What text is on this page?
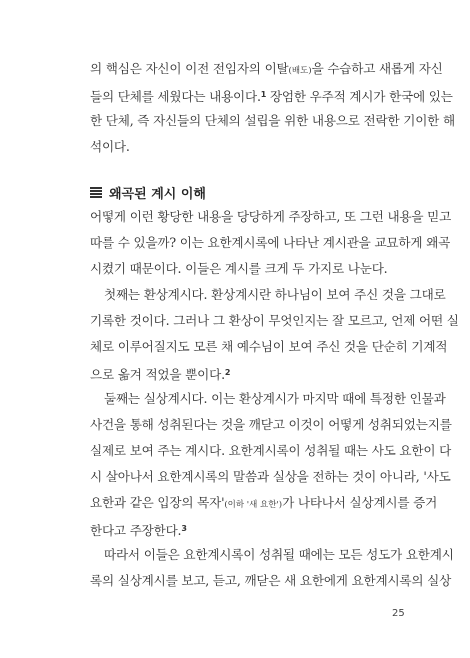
의 핵심은 자신이 이전 전임자의 이탈(배도)을 수습하고 새롭게 자신
들의 단체를 세웠다는 내용이다.$^1$ 장엄한 우주적 계시가 한국에 있는
한 단체, 즉 자신들의 단체의 설립을 위한 내용으로 전락한 기이한 해
석이다.

왜곡된 계시 이해

어떻게 이런 황당한 내용을 당당하게 주장하고, 또 그런 내용을 믿고
따를 수 있을까? 이는 요한계시록에 나타난 계시관을 교묘하게 왜곡
시켰기 때문이다. 이들은 계시를 크게 두 가지로 나눈다.

첫째는 환상계시다. 환상계시란 하나님이 보여 주신 것을 그대로
기록한 것이다. 그러나 그 환상이 무엇인지는 잘 모르고, 언제 어떤 실
체로 이루어질지도 모른 채 예수님이 보여 주신 것을 단순히 기계적
으로 옮겨 적었을 뿐이다.$^2$

둘째는 실상계시다. 이는 환상계시가 마지막 때에 특정한 인물과
사건을 통해 성취된다는 것을 깨닫고 이것이 어떻게 성취되었는지를
실제로 보여 주는 계시다. 요한계시록이 성취될 때는 사도 요한이 다
시 살아나서 요한계시록의 말씀과 실상을 전하는 것이 아니라, '사도
요한과 같은 입장의 목자'(이하 '새 요한')가 나타나서 실상계시를 증거
한다고 주장한다.$^3$

따라서 이들은 요한계시록이 성취될 때에는 모든 성도가 요한계시
록의 실상계시를 보고, 듣고, 깨닫은 새 요한에게 요한계시록의 실상

25
